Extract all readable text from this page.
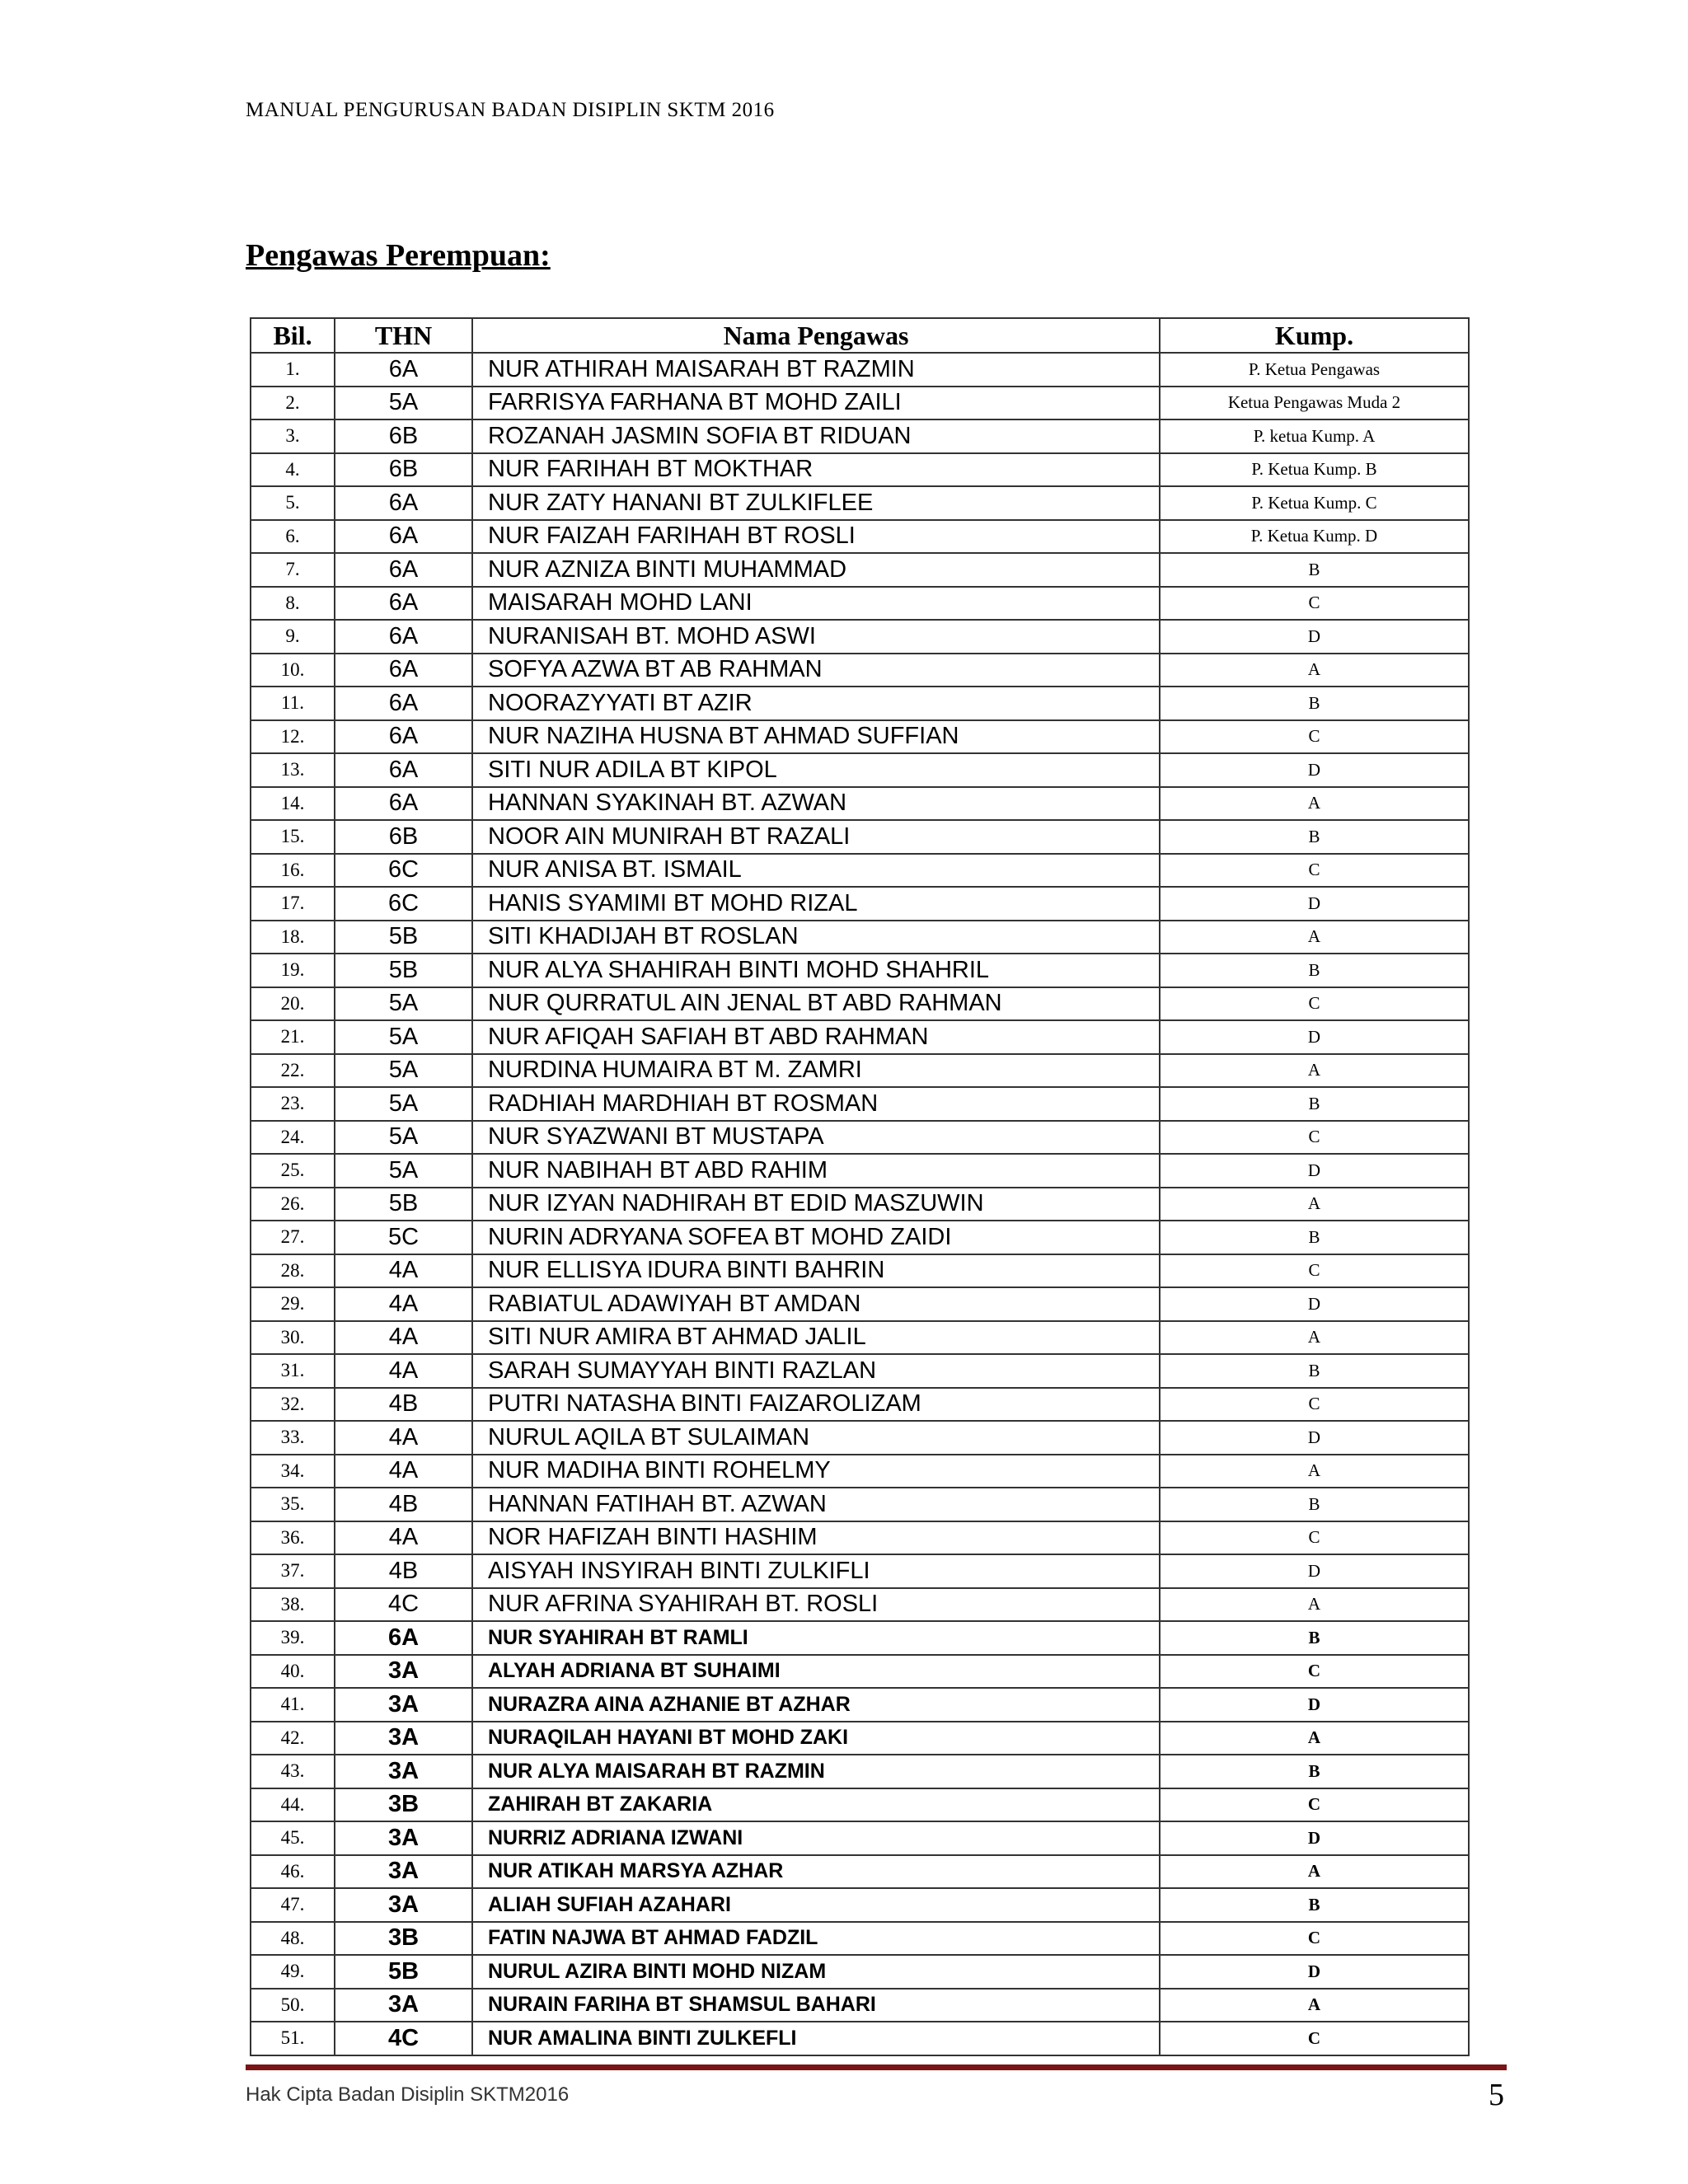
MANUAL PENGURUSAN BADAN DISIPLIN SKTM 2016
Pengawas Perempuan:
Bil.	THN	Nama Pengawas	Kump.
1.	6A	NUR ATHIRAH MAISARAH BT RAZMIN	P. Ketua Pengawas
2.	5A	FARRISYA FARHANA BT MOHD ZAILI	Ketua Pengawas Muda 2
3.	6B	ROZANAH JASMIN SOFIA BT RIDUAN	P. ketua Kump. A
4.	6B	NUR FARIHAH BT MOKTHAR	P. Ketua Kump. B
5.	6A	NUR ZATY HANANI BT ZULKIFLEE	P. Ketua Kump. C
6.	6A	NUR FAIZAH FARIHAH BT ROSLI	P. Ketua Kump. D
7.	6A	NUR AZNIZA BINTI MUHAMMAD	B
8.	6A	MAISARAH MOHD LANI	C
9.	6A	NURANISAH BT. MOHD ASWI	D
10.	6A	SOFYA AZWA BT AB RAHMAN	A
11.	6A	NOORAZYYATI BT AZIR	B
12.	6A	NUR NAZIHA HUSNA BT AHMAD SUFFIAN	C
13.	6A	SITI NUR ADILA BT KIPOL	D
14.	6A	HANNAN SYAKINAH BT. AZWAN	A
15.	6B	NOOR AIN MUNIRAH BT RAZALI	B
16.	6C	NUR ANISA BT. ISMAIL	C
17.	6C	HANIS SYAMIMI BT MOHD RIZAL	D
18.	5B	SITI KHADIJAH BT ROSLAN	A
19.	5B	NUR ALYA SHAHIRAH BINTI MOHD SHAHRIL	B
20.	5A	NUR QURRATUL AIN JENAL BT ABD RAHMAN	C
21.	5A	NUR AFIQAH SAFIAH BT ABD RAHMAN	D
22.	5A	NURDINA HUMAIRA BT M. ZAMRI	A
23.	5A	RADHIAH MARDHIAH BT ROSMAN	B
24.	5A	NUR SYAZWANI BT MUSTAPA	C
25.	5A	NUR NABIHAH BT ABD RAHIM	D
26.	5B	NUR IZYAN NADHIRAH BT EDID MASZUWIN	A
27.	5C	NURIN ADRYANA SOFEA BT MOHD ZAIDI	B
28.	4A	NUR ELLISYA IDURA BINTI BAHRIN	C
29.	4A	RABIATUL ADAWIYAH BT AMDAN	D
30.	4A	SITI NUR AMIRA BT AHMAD JALIL	A
31.	4A	SARAH SUMAYYAH BINTI RAZLAN	B
32.	4B	PUTRI NATASHA BINTI FAIZAROLIZAM	C
33.	4A	NURUL AQILA BT SULAIMAN	D
34.	4A	NUR MADIHA BINTI ROHELMY	A
35.	4B	HANNAN FATIHAH BT. AZWAN	B
36.	4A	NOR HAFIZAH BINTI HASHIM	C
37.	4B	AISYAH INSYIRAH BINTI ZULKIFLI	D
38.	4C	NUR AFRINA SYAHIRAH BT. ROSLI	A
39.	6A	NUR SYAHIRAH BT RAMLI	B
40.	3A	ALYAH ADRIANA BT SUHAIMI	C
41.	3A	NURAZRA AINA AZHANIE BT AZHAR	D
42.	3A	NURAQILAH HAYANI BT MOHD ZAKI	A
43.	3A	NUR ALYA MAISARAH BT RAZMIN	B
44.	3B	ZAHIRAH BT ZAKARIA	C
45.	3A	NURRIZ ADRIANA IZWANI	D
46.	3A	NUR ATIKAH MARSYA AZHAR	A
47.	3A	ALIAH SUFIAH AZAHARI	B
48.	3B	FATIN NAJWA BT AHMAD FADZIL	C
49.	5B	NURUL AZIRA BINTI MOHD NIZAM	D
50.	3A	NURAIN FARIHA BT SHAMSUL BAHARI	A
51.	4C	NUR AMALINA BINTI ZULKEFLI	C
Hak Cipta Badan Disiplin SKTM2016	5
